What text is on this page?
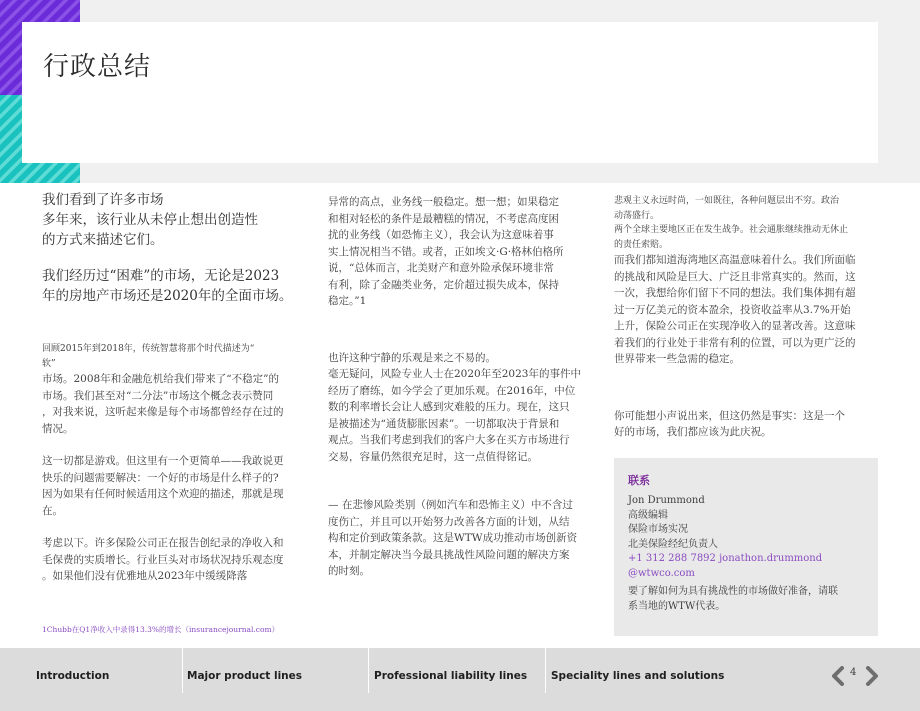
行政总结

我们看到了许多市场
多年来，该行业从未停止想出创造性
的方式来描述它们。

我们经历过“困难”的市场，无论是2023
年的房地产市场还是2020年的全面市场。

回顾2015年到2018年，传统智慧将那个时代描述为“
软”

市场。2008年和金融危机给我们带来了“不稳定”的
市场。我们甚至对“二分法”市场这个概念表示赞同
，对我来说，这听起来像是每个市场都曾经存在过的
情况。

这一切都是游戏。但这里有一个更简单——我敢说更
快乐的问题需要解决：一个好的市场是什么样子的?
因为如果有任何时候适用这个欢迎的描述，那就是现
在。

考虑以下。许多保险公司正在报告创纪录的净收入和
毛保费的实质增长。行业巨头对市场状况持乐观态度
。如果他们没有优雅地从2023年中缓缓降落

异常的高点，业务线一般稳定。想一想；如果稳定
和相对轻松的条件是最糟糕的情况，不考虑高度困
扰的业务线（如恐怖主义），我会认为这意味着事
实上情况相当不错。或者，正如埃文·G·格林伯格所
说，“总体而言，北美财产和意外险承保环境非常
有利，除了金融类业务，定价超过损失成本，保持
稳定。”1

也许这种宁静的乐观是来之不易的。
毫无疑问，风险专业人士在2020年至2023年的事件中
经历了磨练，如今学会了更加乐观。在2016年，中位
数的利率增长会让人感到灾难般的压力。现在，这只
是被描述为“通货膨胀因素”。一切都取决于背景和
观点。当我们考虑到我们的客户大多在买方市场进行
交易，容量仍然很充足时，这一点值得铭记。

— 在悲惨风险类别（例如汽车和恐怖主义）中不含过
度伤亡，并且可以开始努力改善各方面的计划，从结
构和定价到政策条款。这是WTW成功推动市场创新资
本，并制定解决当今最具挑战性风险问题的解决方案
的时刻。

悲观主义永远时尚，一如既往，各种问题层出不穷。政治
动荡盛行。

两个全球主要地区正在发生战争。社会通胀继续推动无休止
的责任索赔。

而我们都知道海湾地区高温意味着什么。我们所面临
的挑战和风险是巨大、广泛且非常真实的。然而，这
一次，我想给你们留下不同的想法。我们集体拥有超
过一万亿美元的资本盈余，投资收益率从3.7%开始
上升，保险公司正在实现净收入的显著改善。这意味
着我们的行业处于非常有利的位置，可以为更广泛的
世界带来一些急需的稳定。

你可能想小声说出来，但这仍然是事实：这是一个
好的市场，我们都应该为此庆祝。

联系
Jon Drummond
高级编辑
保险市场实况
北美保险经纪负责人
+1 312 288 7892 jonathon.drummond
@wtwco.com
要了解如何为具有挑战性的市场做好准备，请联
系当地的WTW代表。
1Chubb在Q1净收入中录得13.3%的增长（insurancejournal.com）
Introduction	Major product lines	Professional liability lines Speciality lines and solutions	4
